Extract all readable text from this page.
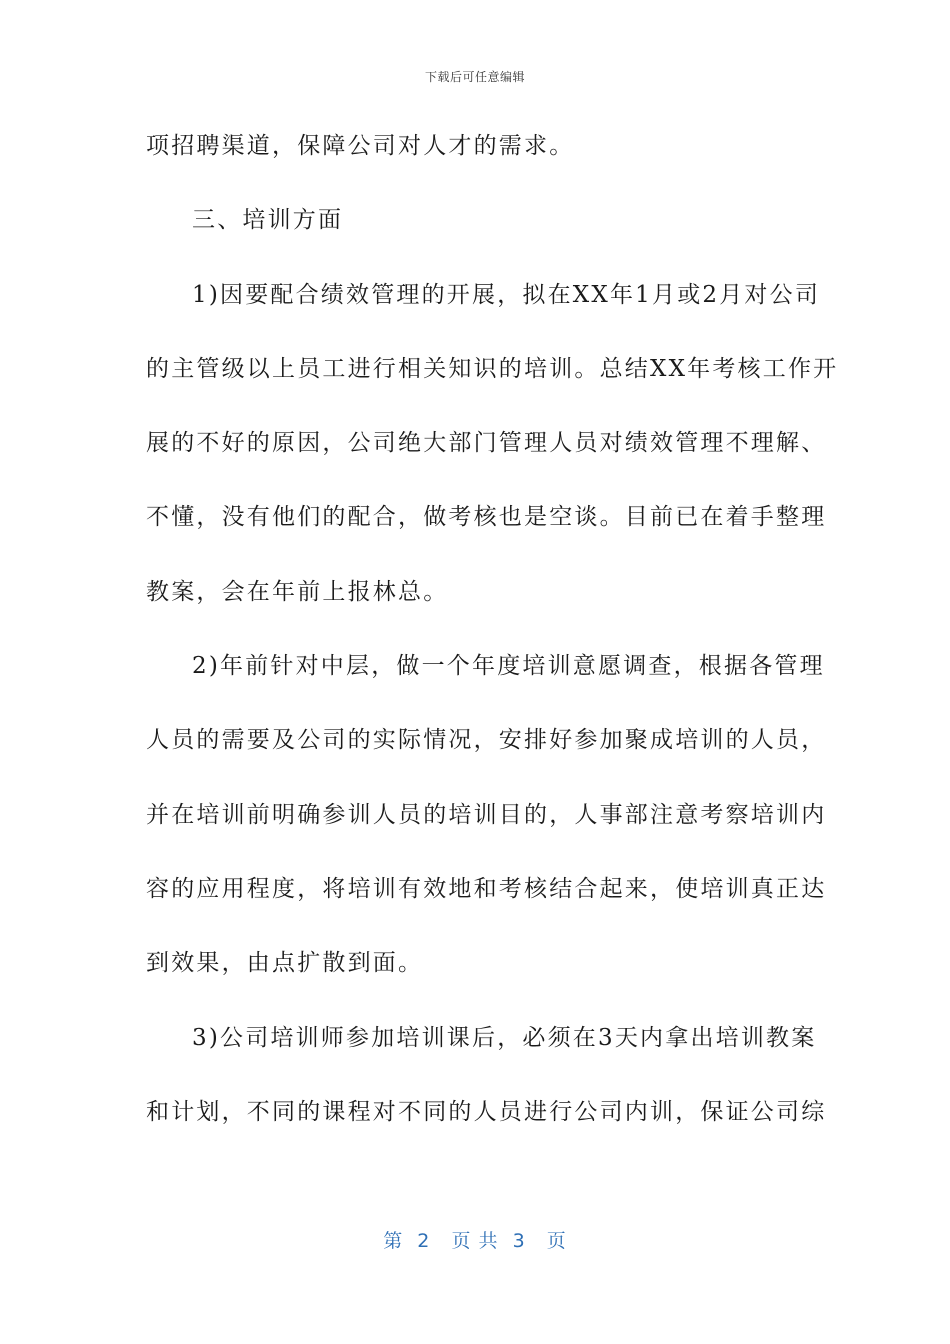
下载后可任意编辑
项招聘渠道，保障公司对人才的需求。
三、培训方面
1)因要配合绩效管理的开展，拟在XX年1月或2月对公司
的主管级以上员工进行相关知识的培训。总结XX年考核工作开
展的不好的原因，公司绝大部门管理人员对绩效管理不理解、
不懂，没有他们的配合，做考核也是空谈。目前已在着手整理
教案，会在年前上报林总。
2)年前针对中层，做一个年度培训意愿调查，根据各管理
人员的需要及公司的实际情况，安排好参加聚成培训的人员，
并在培训前明确参训人员的培训目的，人事部注意考察培训内
容的应用程度，将培训有效地和考核结合起来，使培训真正达
到效果，由点扩散到面。
3)公司培训师参加培训课后，必须在3天内拿出培训教案
和计划，不同的课程对不同的人员进行公司内训，保证公司综
第  2   页 共  3   页
